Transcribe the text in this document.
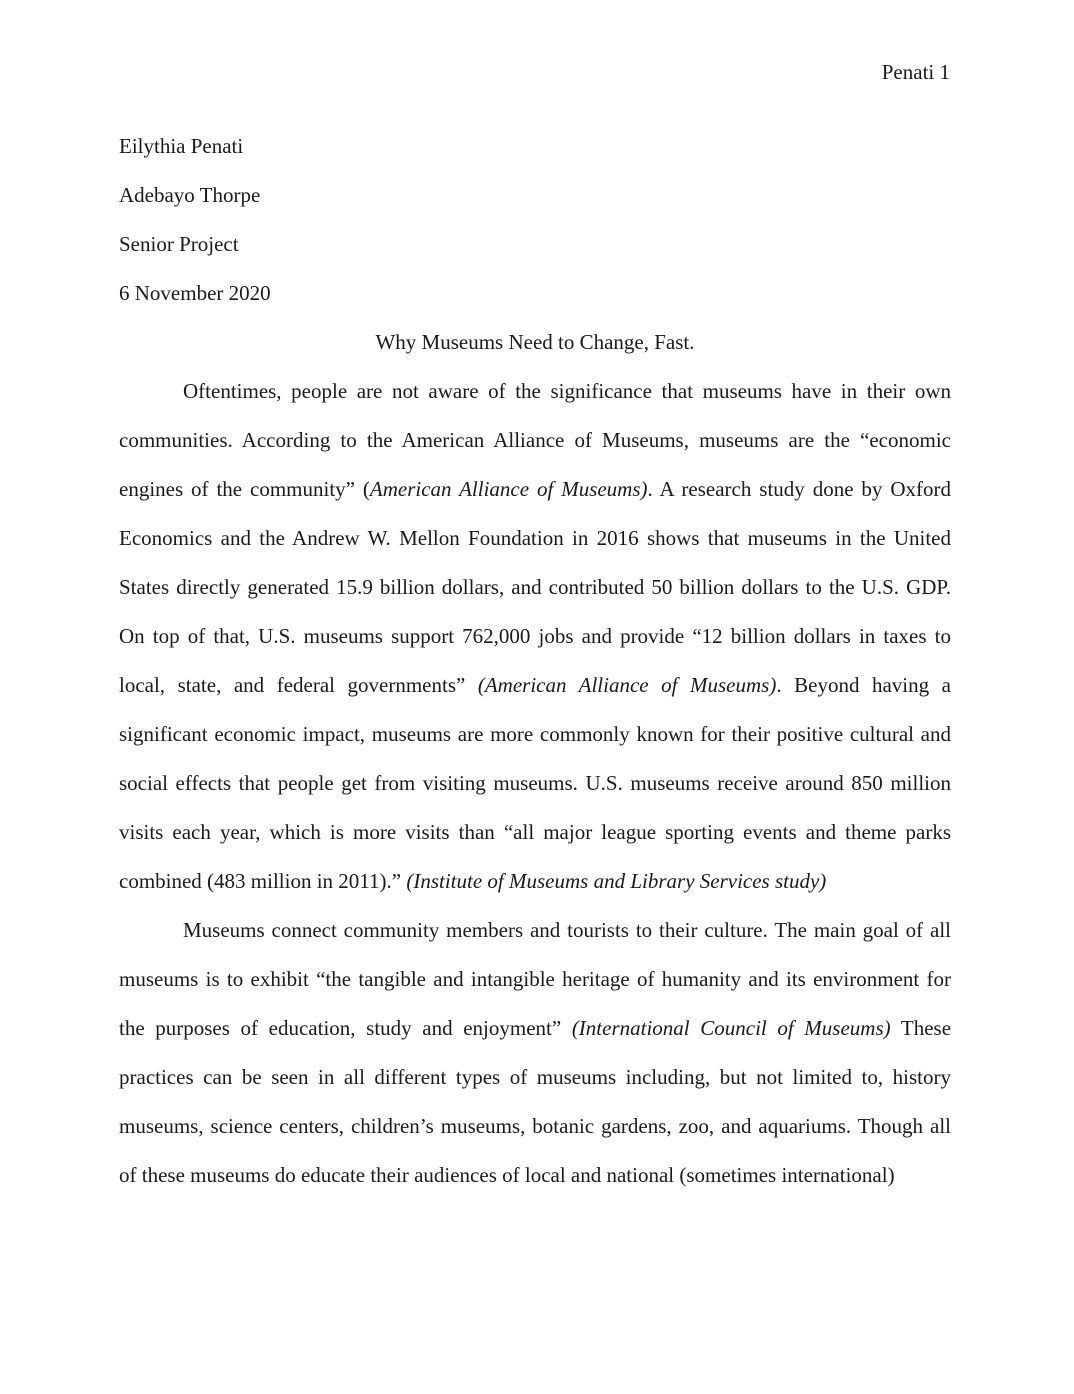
Penati 1
Eilythia Penati
Adebayo Thorpe
Senior Project
6 November 2020
Why Museums Need to Change, Fast.
Oftentimes, people are not aware of the significance that museums have in their own
communities. According to the American Alliance of Museums, museums are the “economic
engines of the community” (American Alliance of Museums). A research study done by Oxford
Economics and the Andrew W. Mellon Foundation in 2016 shows that museums in the United
States directly generated 15.9 billion dollars, and contributed 50 billion dollars to the U.S. GDP.
On top of that, U.S. museums support 762,000 jobs and provide “12 billion dollars in taxes to
local, state, and federal governments” (American Alliance of Museums). Beyond having a
significant economic impact, museums are more commonly known for their positive cultural and
social effects that people get from visiting museums. U.S. museums receive around 850 million
visits each year, which is more visits than “all major league sporting events and theme parks
combined (483 million in 2011).” (Institute of Museums and Library Services study)
Museums connect community members and tourists to their culture. The main goal of all
museums is to exhibit “the tangible and intangible heritage of humanity and its environment for
the purposes of education, study and enjoyment” (International Council of Museums) These
practices can be seen in all different types of museums including, but not limited to, history
museums, science centers, children’s museums, botanic gardens, zoo, and aquariums. Though all
of these museums do educate their audiences of local and national (sometimes international)
